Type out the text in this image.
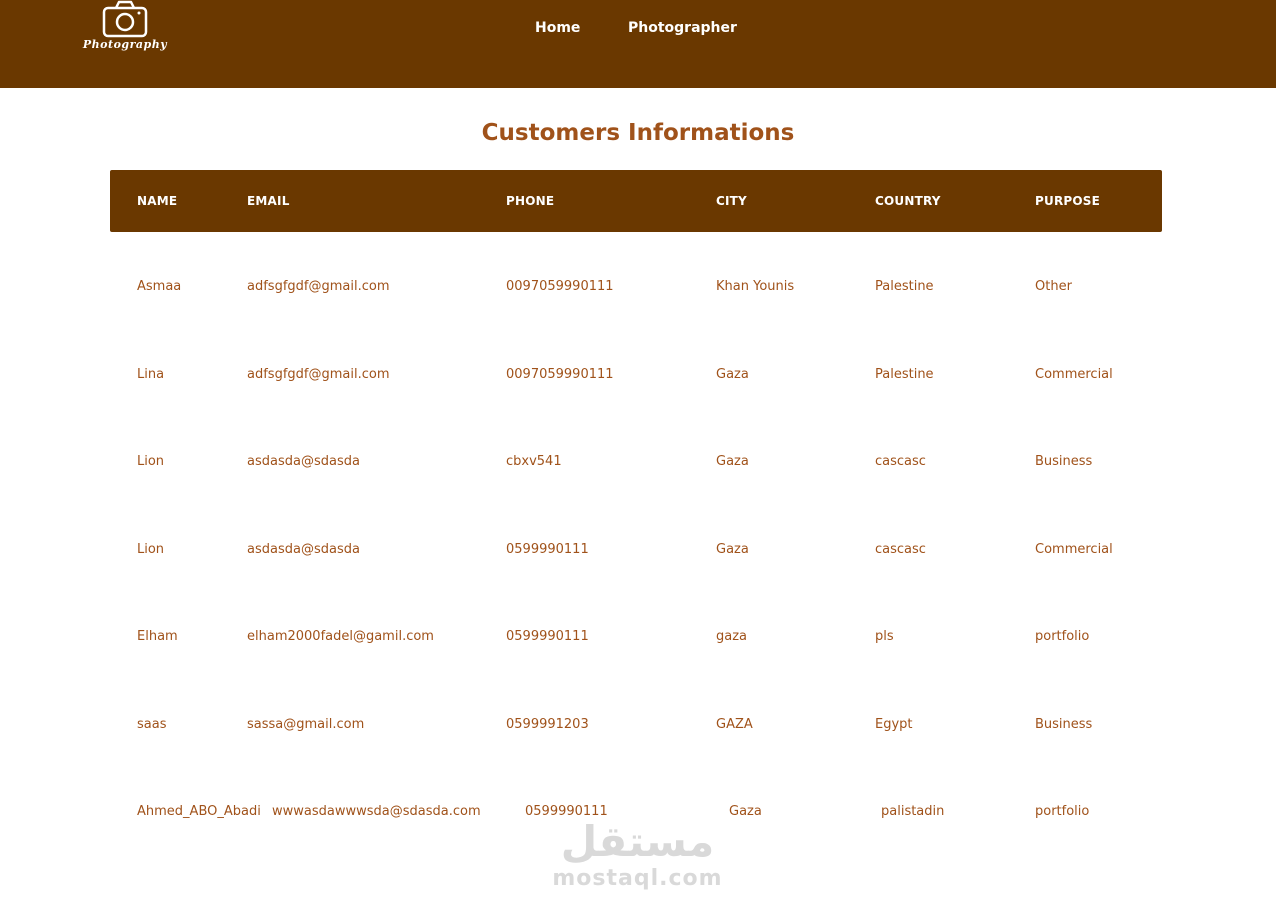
Photography
Home	Photographer
Customers Informations
NAME	EMAIL	PHONE	CITY	COUNTRY	PURPOSE
Asmaa	adfsgfgdf@gmail.com	0097059990111	Khan Younis	Palestine	Other
Lina	adfsgfgdf@gmail.com	0097059990111	Gaza	Palestine	Commercial
Lion	asdasda@sdasda	cbxv541	Gaza	cascasc	Business
Lion	asdasda@sdasda	0599990111	Gaza	cascasc	Commercial
Elham	elham2000fadel@gamil.com	0599990111	gaza	pls	portfolio
saas	sassa@gmail.com	0599991203	GAZA	Egypt	Business
Ahmed_ABO_Abadi wwwasdawwwsda@sdasda.com	0599990111	Gaza	palistadin	portfolio
مستقل
mostaql.com
